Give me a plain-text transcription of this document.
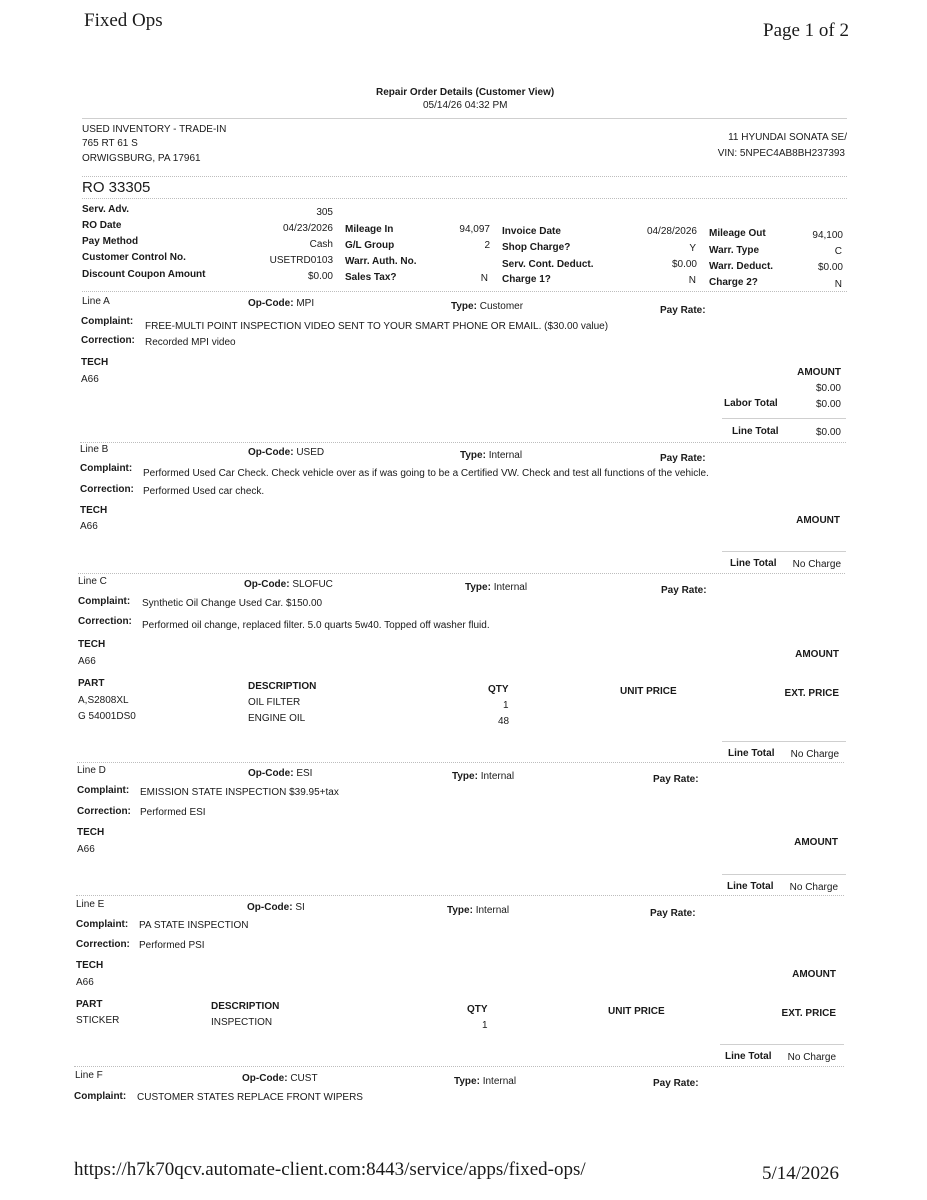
Fixed Ops	Page 1 of 2
Repair Order Details (Customer View)
05/14/26 04:32 PM
USED INVENTORY - TRADE-IN
765 RT 61 S
ORWIGSBURG, PA 17961
11 HYUNDAI SONATA SE/
VIN: 5NPEC4AB8BH237393
RO 33305
Serv. Adv.	305
RO Date	04/23/2026
Pay Method	Cash
Customer Control No.	USETRD0103
Discount Coupon Amount	$0.00
Mileage In	94,097
G/L Group	2
Warr. Auth. No.
Sales Tax?	N
Invoice Date	04/28/2026
Shop Charge?	Y
Serv. Cont. Deduct.	$0.00
Charge 1?	N
Mileage Out	94,100
Warr. Type	C
Warr. Deduct.	$0.00
Charge 2?	N
Line A	Op-Code: MPI	Type: Customer	Pay Rate:
Complaint: FREE-MULTI POINT INSPECTION VIDEO SENT TO YOUR SMART PHONE OR EMAIL. ($30.00 value)
Correction: Recorded MPI video
TECH
A66
AMOUNT
$0.00
Labor Total	$0.00
Line Total	$0.00
Line B	Op-Code: USED	Type: Internal	Pay Rate:
Complaint: Performed Used Car Check. Check vehicle over as if was going to be a Certified VW. Check and test all functions of the vehicle.
Correction: Performed Used car check.
TECH
A66
AMOUNT
Line Total No Charge
Line C	Op-Code: SLOFUC	Type: Internal	Pay Rate:
Complaint: Synthetic Oil Change Used Car. $150.00
Correction: Performed oil change, replaced filter. 5.0 quarts 5w40. Topped off washer fluid.
TECH
A66
AMOUNT
PART	DESCRIPTION	QTY	UNIT PRICE	EXT. PRICE
A,S2808XL	OIL FILTER	1
G 54001DS0	ENGINE OIL	48
Line Total No Charge
Line D	Op-Code: ESI	Type: Internal	Pay Rate:
Complaint: EMISSION STATE INSPECTION $39.95+tax
Correction: Performed ESI
TECH
A66
AMOUNT
Line Total No Charge
Line E	Op-Code: SI	Type: Internal	Pay Rate:
Complaint: PA STATE INSPECTION
Correction: Performed PSI
TECH
A66
AMOUNT
PART	DESCRIPTION	QTY	UNIT PRICE	EXT. PRICE
STICKER	INSPECTION	1
Line Total No Charge
Line F	Op-Code: CUST	Type: Internal	Pay Rate:
Complaint: CUSTOMER STATES REPLACE FRONT WIPERS
https://h7k70qcv.automate-client.com:8443/service/apps/fixed-ops/	5/14/2026
